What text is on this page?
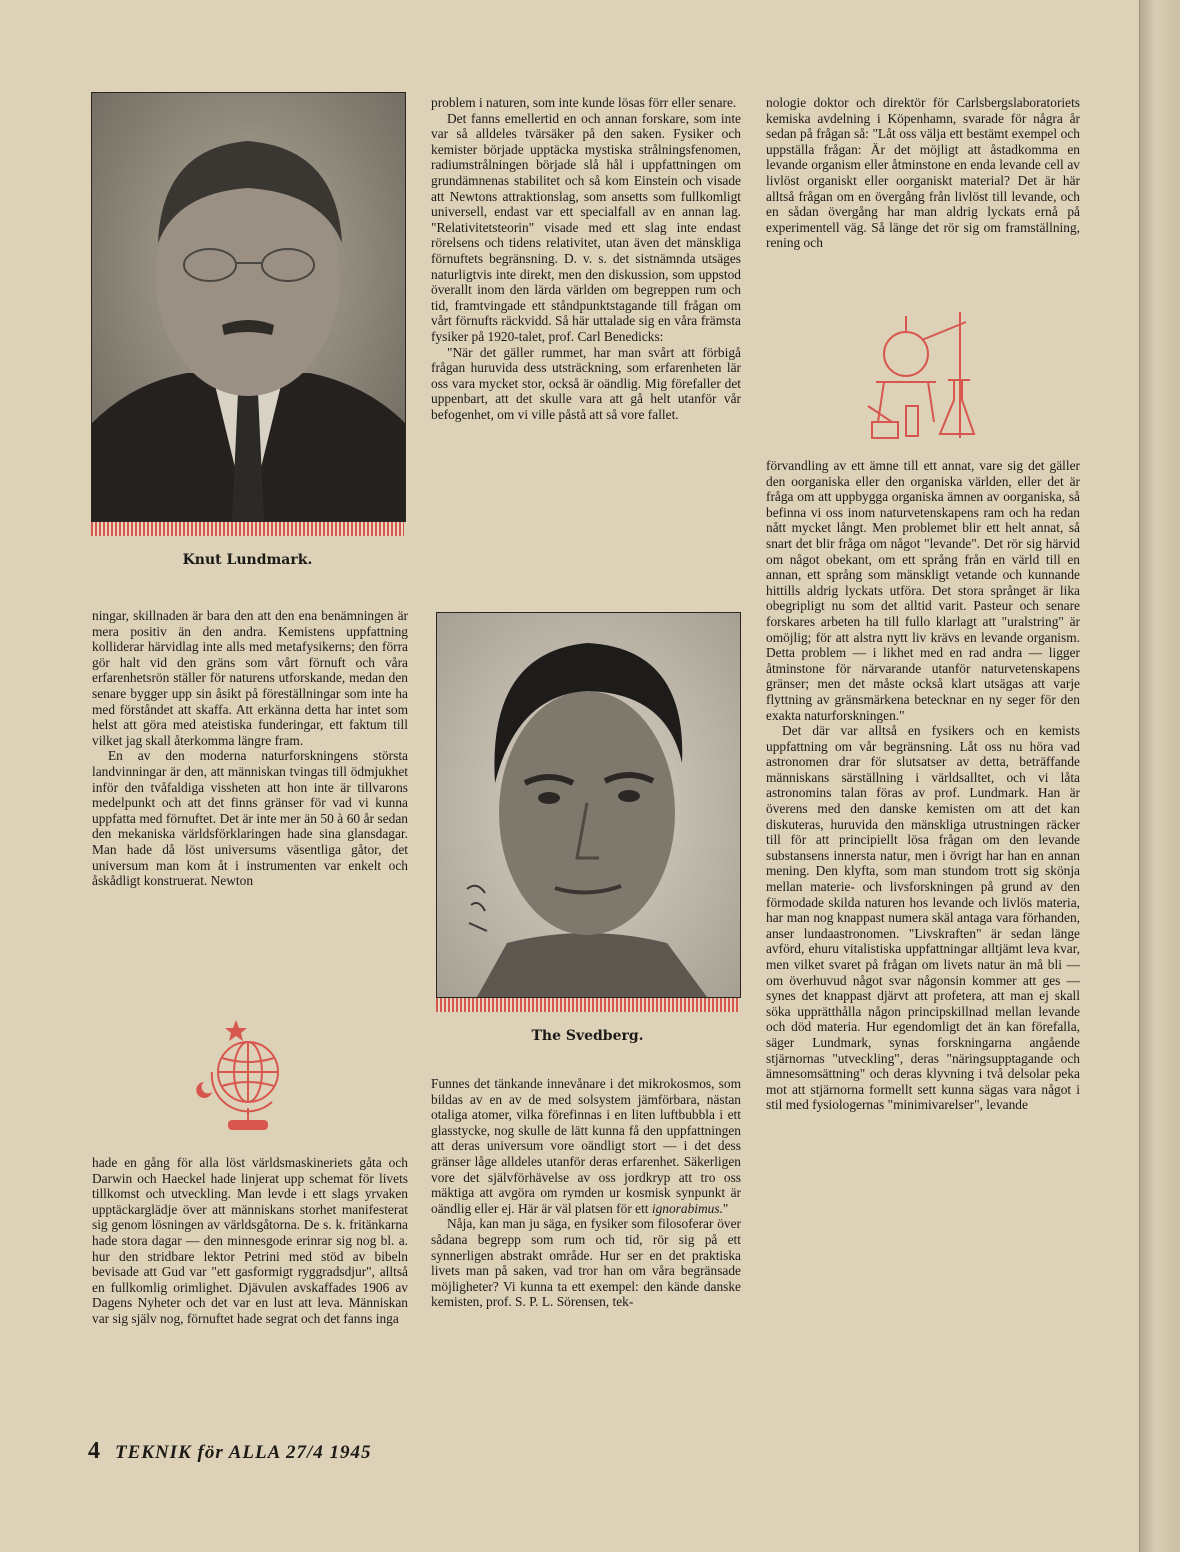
Knut Lundmark.

ningar, skillnaden är bara den att den ena benämningen är mera positiv än den andra. Kemistens uppfattning kolliderar härvidlag inte alls med metafysikerns; den förra gör halt vid den gräns som vårt förnuft och våra erfarenhetsrön ställer för naturens utforskande, medan den senare bygger upp sin åsikt på föreställningar som inte ha med förståndet att skaffa. Att erkänna detta har intet som helst att göra med ateistiska funderingar, ett faktum till vilket jag skall återkomma längre fram.

En av den moderna naturforskningens största landvinningar är den, att människan tvingas till ödmjukhet inför den tvåfaldiga vissheten att hon inte är tillvarons medelpunkt och att det finns gränser för vad vi kunna uppfatta med förnuftet. Det är inte mer än 50 à 60 år sedan den mekaniska världsförklaringen hade sina glansdagar. Man hade då löst universums väsentliga gåtor, det universum man kom åt i instrumenten var enkelt och åskådligt konstruerat. Newton

hade en gång för alla löst världsmaskineriets gåta och Darwin och Haeckel hade linjerat upp schemat för livets tillkomst och utveckling. Man levde i ett slags yrvaken upptäckarglädje över att människans storhet manifesterat sig genom lösningen av världsgåtorna. De s. k. fritänkarna hade stora dagar — den minnesgode erinrar sig nog bl. a. hur den stridbare lektor Petrini med stöd av bibeln bevisade att Gud var "ett gasformigt ryggradsdjur", alltså en fullkomlig orimlighet. Djävulen avskaffades 1906 av Dagens Nyheter och det var en lust att leva. Människan var sig själv nog, förnuftet hade segrat och det fanns inga

problem i naturen, som inte kunde lösas förr eller senare.

Det fanns emellertid en och annan forskare, som inte var så alldeles tvärsäker på den saken. Fysiker och kemister började upptäcka mystiska strålningsfenomen, radiumstrålningen började slå hål i uppfattningen om grundämnenas stabilitet och så kom Einstein och visade att Newtons attraktionslag, som ansetts som fullkomligt universell, endast var ett specialfall av en annan lag. "Relativitetsteorin" visade med ett slag inte endast rörelsens och tidens relativitet, utan även det mänskliga förnuftets begränsning. D. v. s. det sistnämnda utsäges naturligtvis inte direkt, men den diskussion, som uppstod överallt inom den lärda världen om begreppen rum och tid, framtvingade ett ståndpunktstagande till frågan om vårt förnufts räckvidd. Så här uttalade sig en våra främsta fysiker på 1920-talet, prof. Carl Benedicks:

"När det gäller rummet, har man svårt att förbigå frågan huruvida dess utsträckning, som erfarenheten lär oss vara mycket stor, också är oändlig. Mig förefaller det uppenbart, att det skulle vara att gå helt utanför vår befogenhet, om vi ville påstå att så vore fallet.

The Svedberg.

Funnes det tänkande innevånare i det mikrokosmos, som bildas av en av de med solsystem jämförbara, nästan otaliga atomer, vilka förefinnas i en liten luftbubbla i ett glasstycke, nog skulle de lätt kunna få den uppfattningen att deras universum vore oändligt stort — i det dess gränser låge alldeles utanför deras erfarenhet. Säkerligen vore det självförhävelse av oss jordkryp att tro oss mäktiga att avgöra om rymden ur kosmisk synpunkt är oändlig eller ej. Här är väl platsen för ett ignorabimus."

Nåja, kan man ju säga, en fysiker som filosoferar över sådana begrepp som rum och tid, rör sig på ett synnerligen abstrakt område. Hur ser en det praktiska livets man på saken, vad tror han om våra begränsade möjligheter? Vi kunna ta ett exempel: den kände danske kemisten, prof. S. P. L. Sörensen, tek-

nologie doktor och direktör för Carlsbergslaboratoriets kemiska avdelning i Köpenhamn, svarade för några år sedan på frågan så: "Låt oss välja ett bestämt exempel och uppställa frågan: Är det möjligt att åstadkomma en levande organism eller åtminstone en enda levande cell av livlöst organiskt eller oorganiskt material? Det är här alltså frågan om en övergång från livlöst till levande, och en sådan övergång har man aldrig lyckats ernå på experimentell väg. Så länge det rör sig om framställning, rening och

förvandling av ett ämne till ett annat, vare sig det gäller den oorganiska eller den organiska världen, eller det är fråga om att uppbygga organiska ämnen av oorganiska, så befinna vi oss inom naturvetenskapens ram och ha redan nått mycket långt. Men problemet blir ett helt annat, så snart det blir fråga om något "levande". Det rör sig härvid om något obekant, om ett språng från en värld till en annan, ett språng som mänskligt vetande och kunnande hittills aldrig lyckats utföra. Det stora språnget är lika obegripligt nu som det alltid varit. Pasteur och senare forskares arbeten ha till fullo klarlagt att "uralstring" är omöjlig; för att alstra nytt liv krävs en levande organism. Detta problem — i likhet med en rad andra — ligger åtminstone för närvarande utanför naturvetenskapens gränser; men det måste också klart utsägas att varje flyttning av gränsmärkena betecknar en ny seger för den exakta naturforskningen."

Det där var alltså en fysikers och en kemists uppfattning om vår begränsning. Låt oss nu höra vad astronomen drar för slutsatser av detta, beträffande människans särställning i världsalltet, och vi låta astronomins talan föras av prof. Lundmark. Han är överens med den danske kemisten om att det kan diskuteras, huruvida den mänskliga utrustningen räcker till för att principiellt lösa frågan om den levande substansens innersta natur, men i övrigt har han en annan mening. Den klyfta, som man stundom trott sig skönja mellan materie- och livsforskningen på grund av den förmodade skilda naturen hos levande och livlös materia, har man nog knappast numera skäl antaga vara förhanden, anser lundaastronomen. "Livskraften" är sedan länge avförd, ehuru vitalistiska uppfattningar alltjämt leva kvar, men vilket svaret på frågan om livets natur än må bli — om överhuvud något svar någonsin kommer att ges — synes det knappast djärvt att profetera, att man ej skall söka upprätthålla någon principskillnad mellan levande och död materia. Hur egendomligt det än kan förefalla, säger Lundmark, synas forskningarna angående stjärnornas "utveckling", deras "näringsupptagande och ämnesomsättning" och deras klyvning i två delsolar peka mot att stjärnorna formellt sett kunna sägas vara något i stil med fysiologernas "minimivarelser", levande

4 TEKNIK för ALLA 27/4 1945
